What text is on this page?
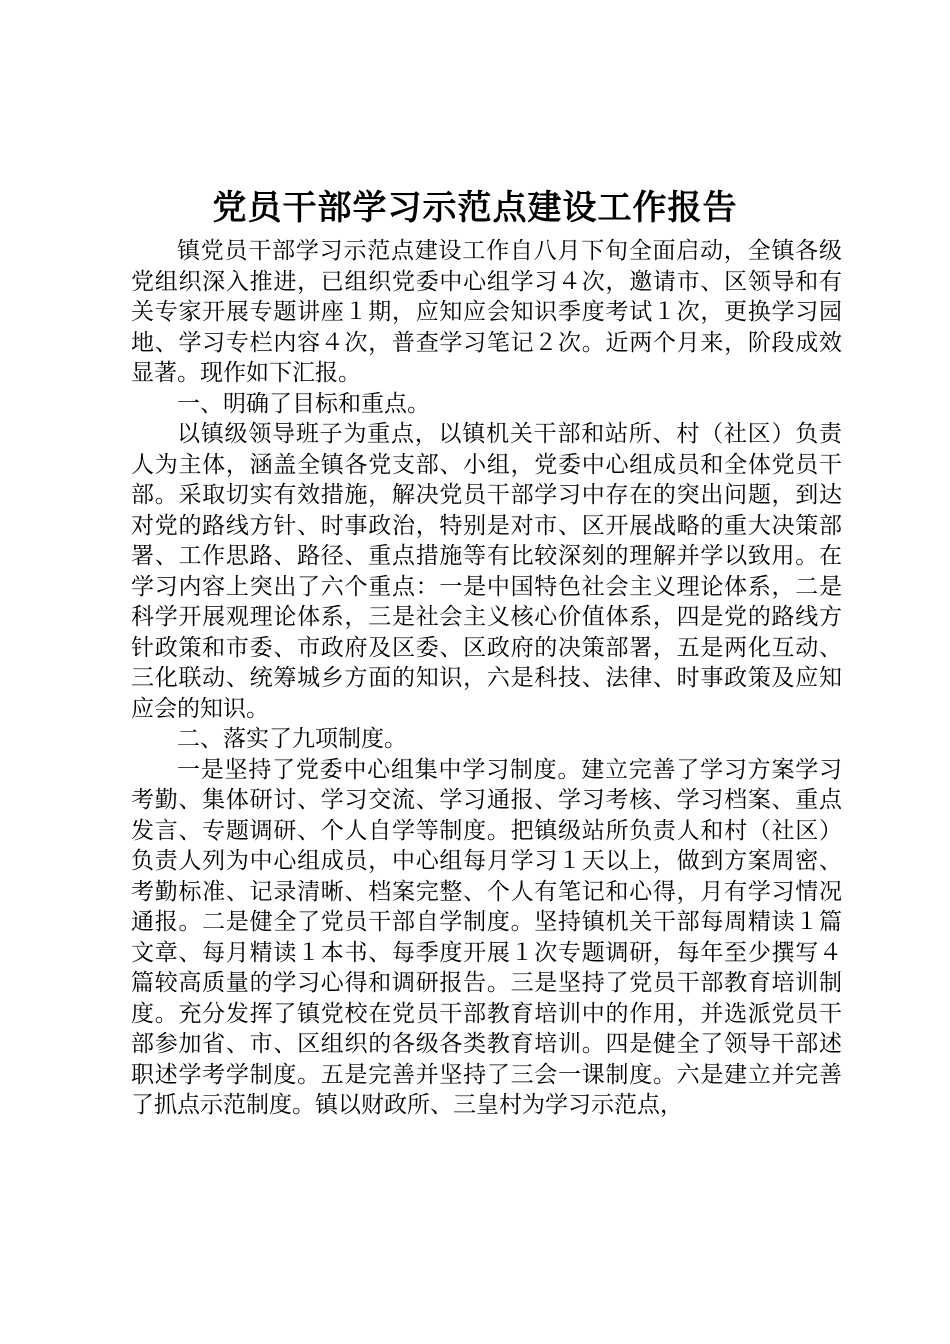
党员干部学习示范点建设工作报告

镇党员干部学习示范点建设工作自八月下旬全面启动，全镇各级党组织深入推进，已组织党委中心组学习４次，邀请市、区领导和有关专家开展专题讲座１期，应知应会知识季度考试１次，更换学习园地、学习专栏内容４次，普查学习笔记２次。近两个月来，阶段成效显著。现作如下汇报。

一、明确了目标和重点。

以镇级领导班子为重点，以镇机关干部和站所、村（社区）负责人为主体，涵盖全镇各党支部、小组，党委中心组成员和全体党员干部。采取切实有效措施，解决党员干部学习中存在的突出问题，到达对党的路线方针、时事政治，特别是对市、区开展战略的重大决策部署、工作思路、路径、重点措施等有比较深刻的理解并学以致用。在学习内容上突出了六个重点：一是中国特色社会主义理论体系，二是科学开展观理论体系，三是社会主义核心价值体系，四是党的路线方针政策和市委、市政府及区委、区政府的决策部署，五是两化互动、三化联动、统筹城乡方面的知识，六是科技、法律、时事政策及应知应会的知识。

二、落实了九项制度。

一是坚持了党委中心组集中学习制度。建立完善了学习方案学习考勤、集体研讨、学习交流、学习通报、学习考核、学习档案、重点发言、专题调研、个人自学等制度。把镇级站所负责人和村（社区）负责人列为中心组成员，中心组每月学习１天以上，做到方案周密、考勤标准、记录清晰、档案完整、个人有笔记和心得，月有学习情况通报。二是健全了党员干部自学制度。坚持镇机关干部每周精读１篇文章、每月精读１本书、每季度开展１次专题调研，每年至少撰写４篇较高质量的学习心得和调研报告。三是坚持了党员干部教育培训制度。充分发挥了镇党校在党员干部教育培训中的作用，并选派党员干部参加省、市、区组织的各级各类教育培训。四是健全了领导干部述职述学考学制度。五是完善并坚持了三会一课制度。六是建立并完善了抓点示范制度。镇以财政所、三皇村为学习示范点，
